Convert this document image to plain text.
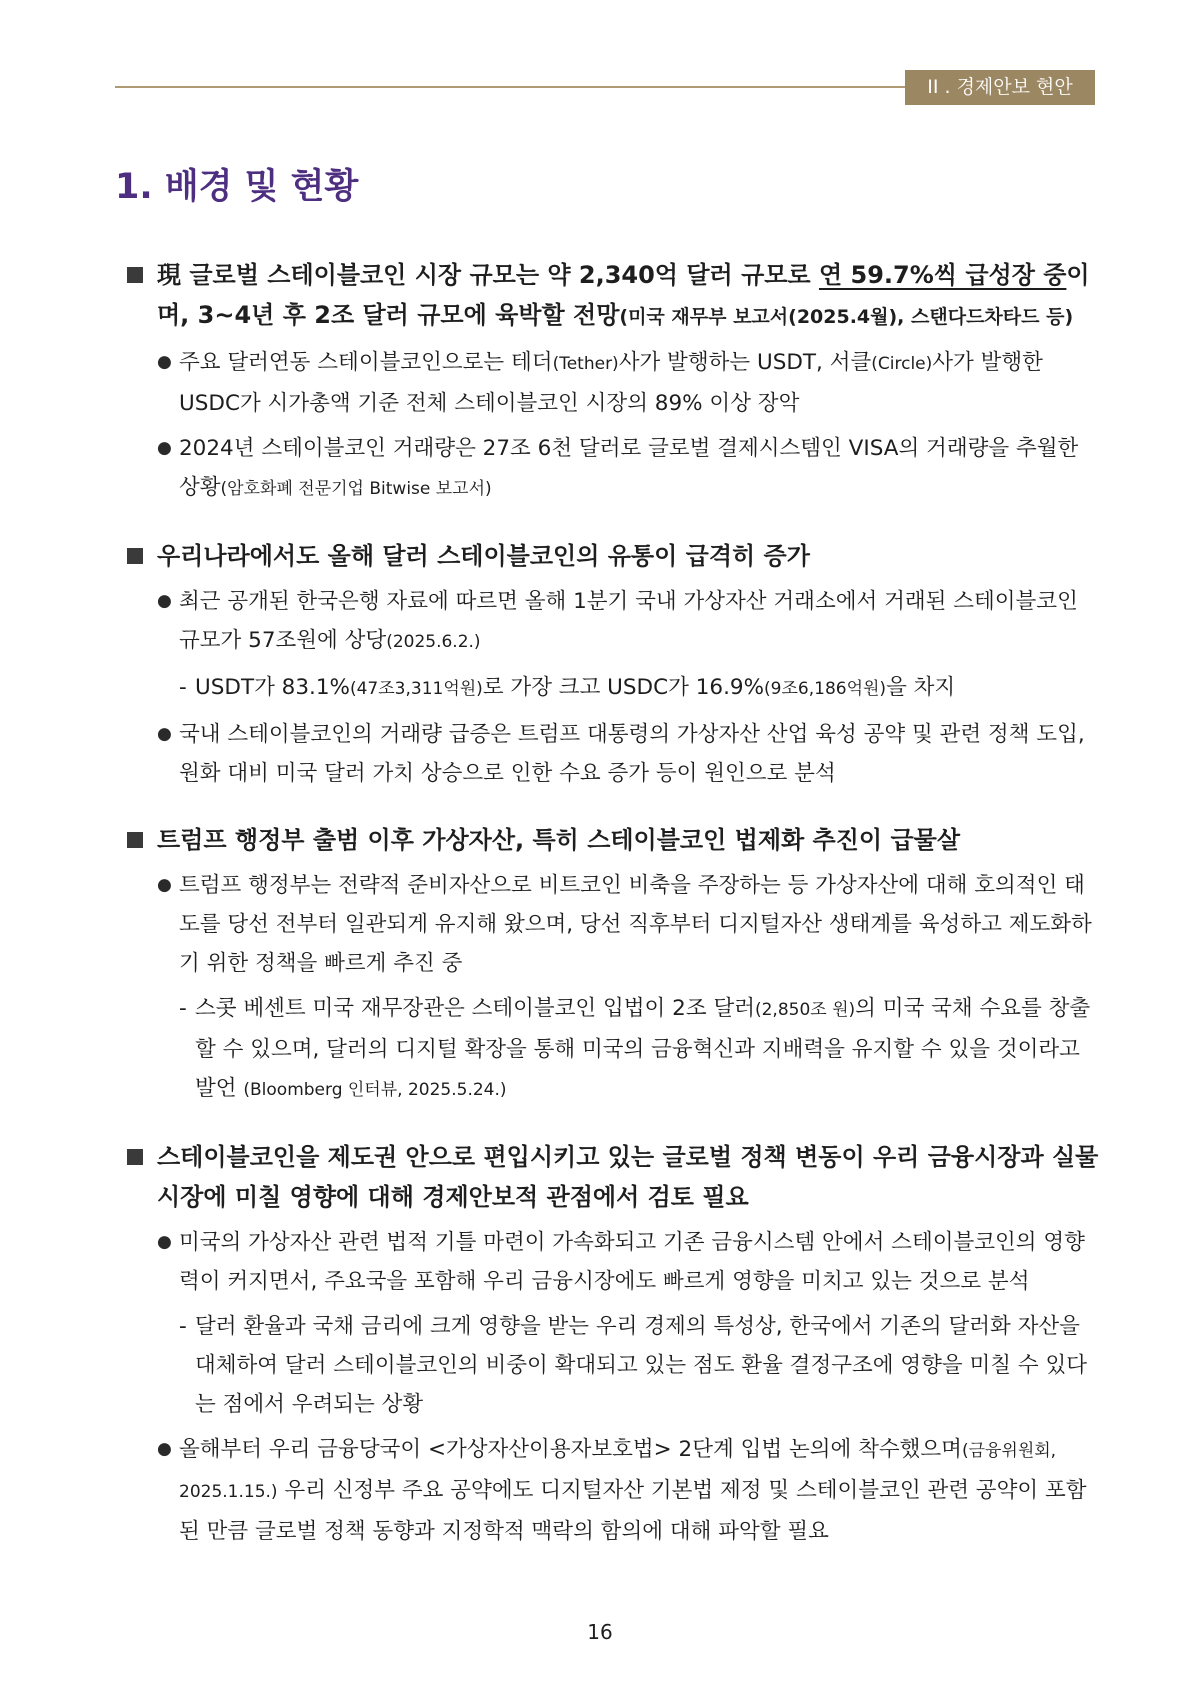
II . 경제안보 현안
1. 배경 및 현황

現 글로벌 스테이블코인 시장 규모는 약 2,340억 달러 규모로 연 59.7%씩 급성장 중이며, 3~4년 후 2조 달러 규모에 육박할 전망(미국 재무부 보고서(2025.4월), 스탠다드차타드 등)

● 주요 달러연동 스테이블코인으로는 테더(Tether)사가 발행하는 USDT, 서클(Circle)사가 발행한 USDC가 시가총액 기준 전체 스테이블코인 시장의 89% 이상 장악

● 2024년 스테이블코인 거래량은 27조 6천 달러로 글로벌 결제시스템인 VISA의 거래량을 추월한 상황(암호화폐 전문기업 Bitwise 보고서)

우리나라에서도 올해 달러 스테이블코인의 유통이 급격히 증가

● 최근 공개된 한국은행 자료에 따르면 올해 1분기 국내 가상자산 거래소에서 거래된 스테이블코인 규모가 57조원에 상당(2025.6.2.)

- USDT가 83.1%(47조3,311억원)로 가장 크고 USDC가 16.9%(9조6,186억원)을 차지

● 국내 스테이블코인의 거래량 급증은 트럼프 대통령의 가상자산 산업 육성 공약 및 관련 정책 도입, 원화 대비 미국 달러 가치 상승으로 인한 수요 증가 등이 원인으로 분석

트럼프 행정부 출범 이후 가상자산, 특히 스테이블코인 법제화 추진이 급물살

● 트럼프 행정부는 전략적 준비자산으로 비트코인 비축을 주장하는 등 가상자산에 대해 호의적인 태도를 당선 전부터 일관되게 유지해 왔으며, 당선 직후부터 디지털자산 생태계를 육성하고 제도화하기 위한 정책을 빠르게 추진 중

- 스콧 베센트 미국 재무장관은 스테이블코인 입법이 2조 달러(2,850조 원)의 미국 국채 수요를 창출할 수 있으며, 달러의 디지털 확장을 통해 미국의 금융혁신과 지배력을 유지할 수 있을 것이라고 발언 (Bloomberg 인터뷰, 2025.5.24.)

스테이블코인을 제도권 안으로 편입시키고 있는 글로벌 정책 변동이 우리 금융시장과 실물시장에 미칠 영향에 대해 경제안보적 관점에서 검토 필요

● 미국의 가상자산 관련 법적 기틀 마련이 가속화되고 기존 금융시스템 안에서 스테이블코인의 영향력이 커지면서, 주요국을 포함해 우리 금융시장에도 빠르게 영향을 미치고 있는 것으로 분석

- 달러 환율과 국채 금리에 크게 영향을 받는 우리 경제의 특성상, 한국에서 기존의 달러화 자산을 대체하여 달러 스테이블코인의 비중이 확대되고 있는 점도 환율 결정구조에 영향을 미칠 수 있다는 점에서 우려되는 상황

● 올해부터 우리 금융당국이 <가상자산이용자보호법> 2단계 입법 논의에 착수했으며(금융위원회, 2025.1.15.) 우리 신정부 주요 공약에도 디지털자산 기본법 제정 및 스테이블코인 관련 공약이 포함된 만큼 글로벌 정책 동향과 지정학적 맥락의 함의에 대해 파악할 필요

16
